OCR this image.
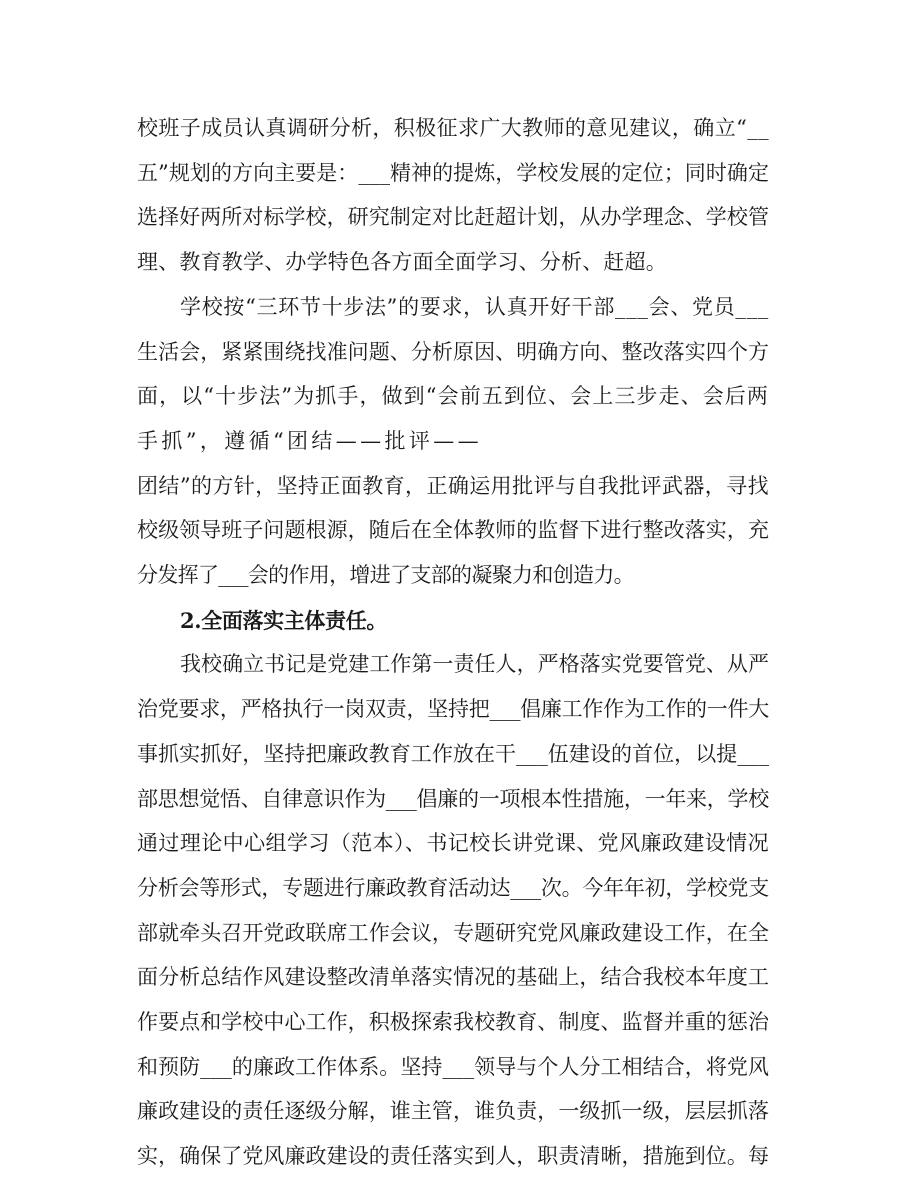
校班子成员认真调研分析，积极征求广大教师的意见建议，确立“__
五”规划的方向主要是：___精神的提炼，学校发展的定位；同时确定
选择好两所对标学校，研究制定对比赶超计划，从办学理念、学校管
理、教育教学、办学特色各方面全面学习、分析、赶超。
学校按“三环节十步法”的要求，认真开好干部___会、党员___
生活会，紧紧围绕找准问题、分析原因、明确方向、整改落实四个方
面，以“十步法”为抓手，做到“会前五到位、会上三步走、会后两
手抓”，遵循“团结——批评——
团结”的方针，坚持正面教育，正确运用批评与自我批评武器，寻找
校级领导班子问题根源，随后在全体教师的监督下进行整改落实，充
分发挥了___会的作用，增进了支部的凝聚力和创造力。
2.全面落实主体责任。
我校确立书记是党建工作第一责任人，严格落实党要管党、从严
治党要求，严格执行一岗双责，坚持把___倡廉工作作为工作的一件大
事抓实抓好，坚持把廉政教育工作放在干___伍建设的首位，以提___
部思想觉悟、自律意识作为___倡廉的一项根本性措施，一年来，学校
通过理论中心组学习（范本）、书记校长讲党课、党风廉政建设情况
分析会等形式，专题进行廉政教育活动达___次。今年年初，学校党支
部就牵头召开党政联席工作会议，专题研究党风廉政建设工作，在全
面分析总结作风建设整改清单落实情况的基础上，结合我校本年度工
作要点和学校中心工作，积极探索我校教育、制度、监督并重的惩治
和预防___的廉政工作体系。坚持___领导与个人分工相结合，将党风
廉政建设的责任逐级分解，谁主管，谁负责，一级抓一级，层层抓落
实，确保了党风廉政建设的责任落实到人，职责清晰，措施到位。每
